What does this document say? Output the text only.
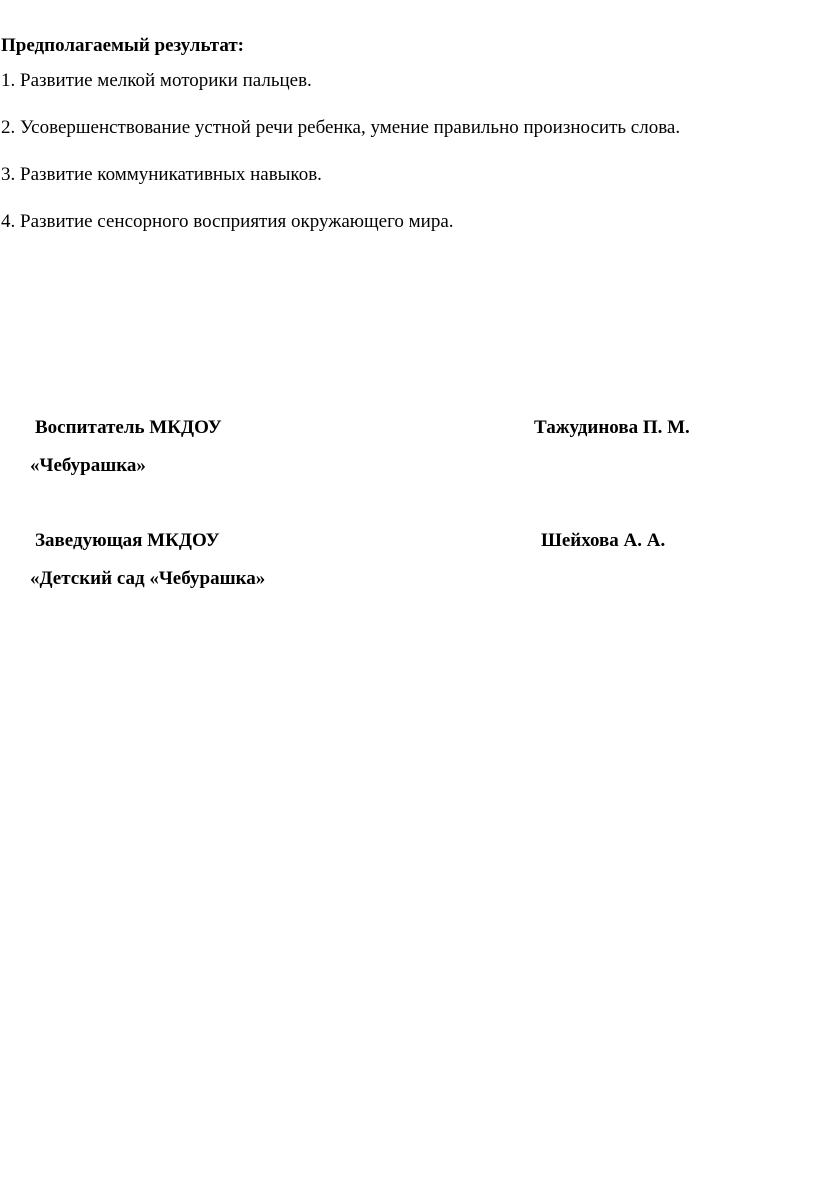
Предполагаемый результат:
1. Развитие мелкой моторики пальцев.
2. Усовершенствование устной речи ребенка, умение правильно произносить слова.
3. Развитие коммуникативных навыков.
4. Развитие сенсорного восприятия окружающего мира.
Воспитатель МКДОУ	Тажудинова П. М.
«Чебурашка»
Заведующая МКДОУ	Шейхова А. А.
«Детский сад «Чебурашка»
